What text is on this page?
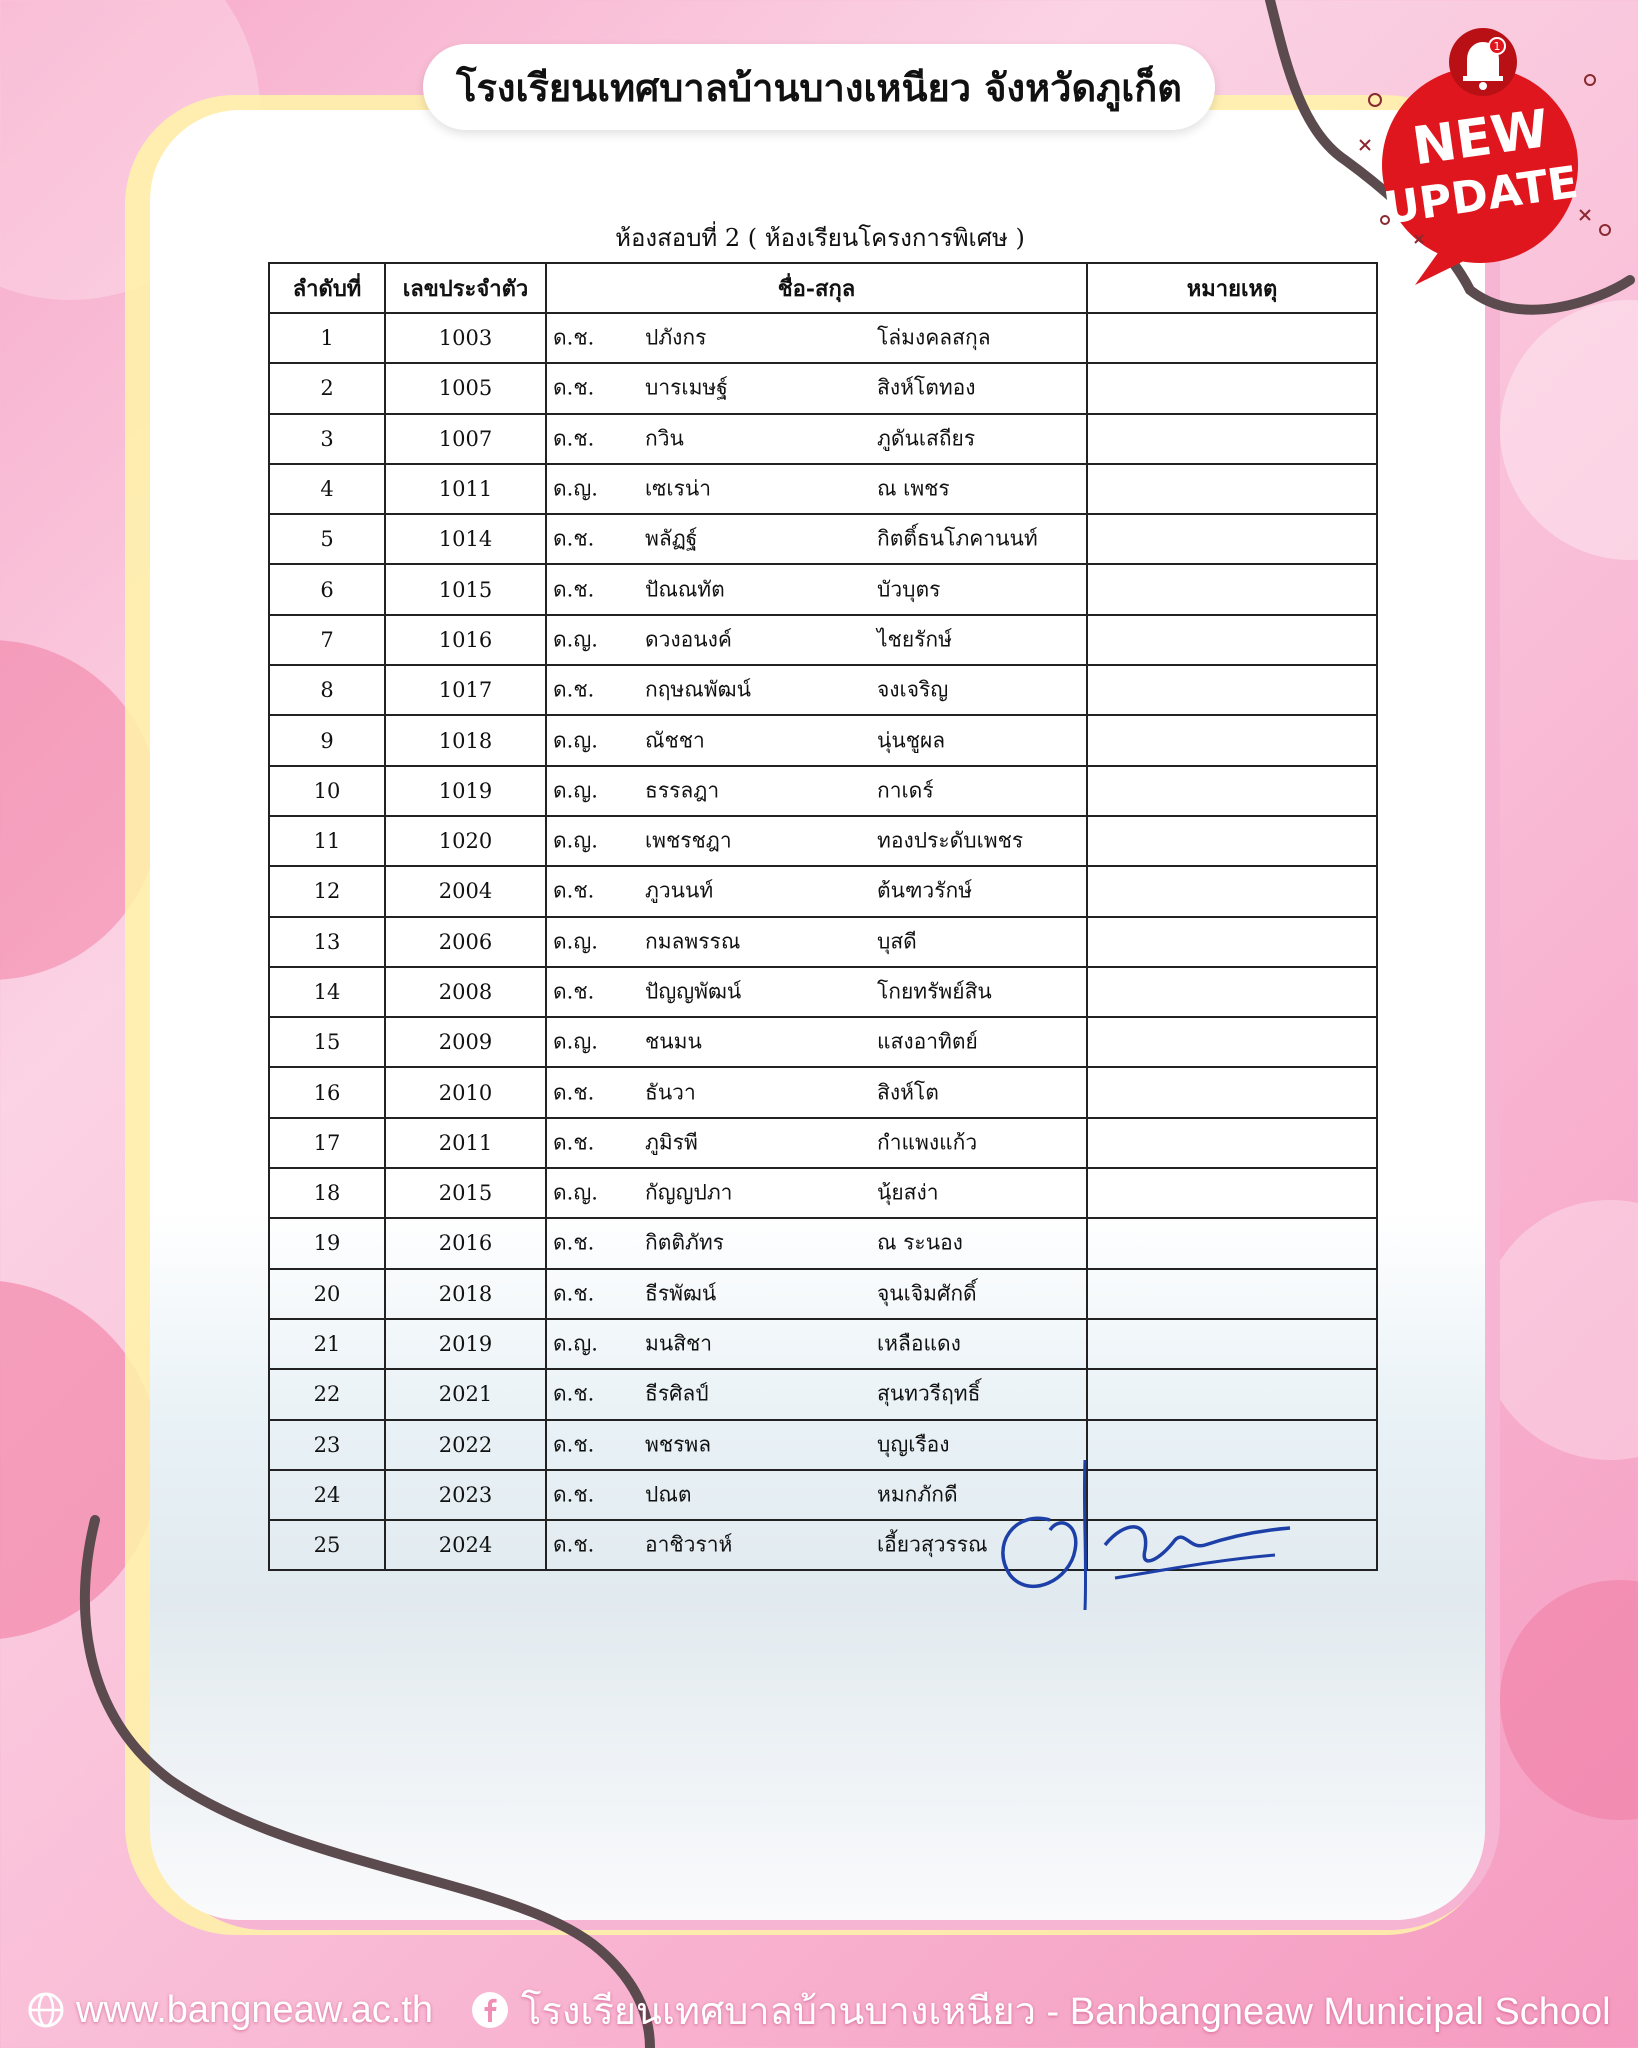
โรงเรียนเทศบาลบ้านบางเหนียว จังหวัดภูเก็ต
ห้องสอบที่ 2 ( ห้องเรียนโครงการพิเศษ )
ลำดับที่	เลขประจำตัว	ชื่อ-สกุล	หมายเหตุ
1	1003	ด.ช. ปภังกร โล่มงคลสกุล	

2	1005	ด.ช. บารเมษฐ์ สิงห์โตทอง	

3	1007	ด.ช. กวิน ภูดันเสถียร	

4	1011	ด.ญ. เซเรน่า ณ เพชร	

5	1014	ด.ช. พลัฏฐ์ กิตติ์ธนโภคานนท์	

6	1015	ด.ช. ปัณณทัต บัวบุตร	

7	1016	ด.ญ. ดวงอนงค์ ไชยรักษ์	

8	1017	ด.ช. กฤษณพัฒน์ จงเจริญ	

9	1018	ด.ญ. ณัชชา นุ่นชูผล	

10	1019	ด.ญ. ธรรลฎา กาเดร์	

11	1020	ด.ญ. เพชรชฎา ทองประดับเพชร	

12	2004	ด.ช. ภูวนนท์ ต้นฑวรักษ์	

13	2006	ด.ญ. กมลพรรณ บุสดี	

14	2008	ด.ช. ปัญญพัฒน์ โกยทรัพย์สิน	

15	2009	ด.ญ. ชนมน แสงอาทิตย์	

16	2010	ด.ช. ธันวา สิงห์โต	

17	2011	ด.ช. ภูมิรพี กำแพงแก้ว	

18	2015	ด.ญ. กัญญปภา นุ้ยสง่า	

19	2016	ด.ช. กิตติภัทร ณ ระนอง	

20	2018	ด.ช. ธีรพัฒน์ จุนเจิมศักดิ์	

21	2019	ด.ญ. มนสิชา เหลือแดง	

22	2021	ด.ช. ธีรศิลป์ สุนทวรีฤทธิ์	

23	2022	ด.ช. พชรพล บุญเรือง	

24	2023	ด.ช. ปณต หมกภักดี	

25	2024	ด.ช. อาชิวราห์ เอี้ยวสุวรรณ	

1
NEW
UPDATE
www.bangneaw.ac.th โรงเรียนเทศบาลบ้านบางเหนียว - Banbangneaw Municipal School
